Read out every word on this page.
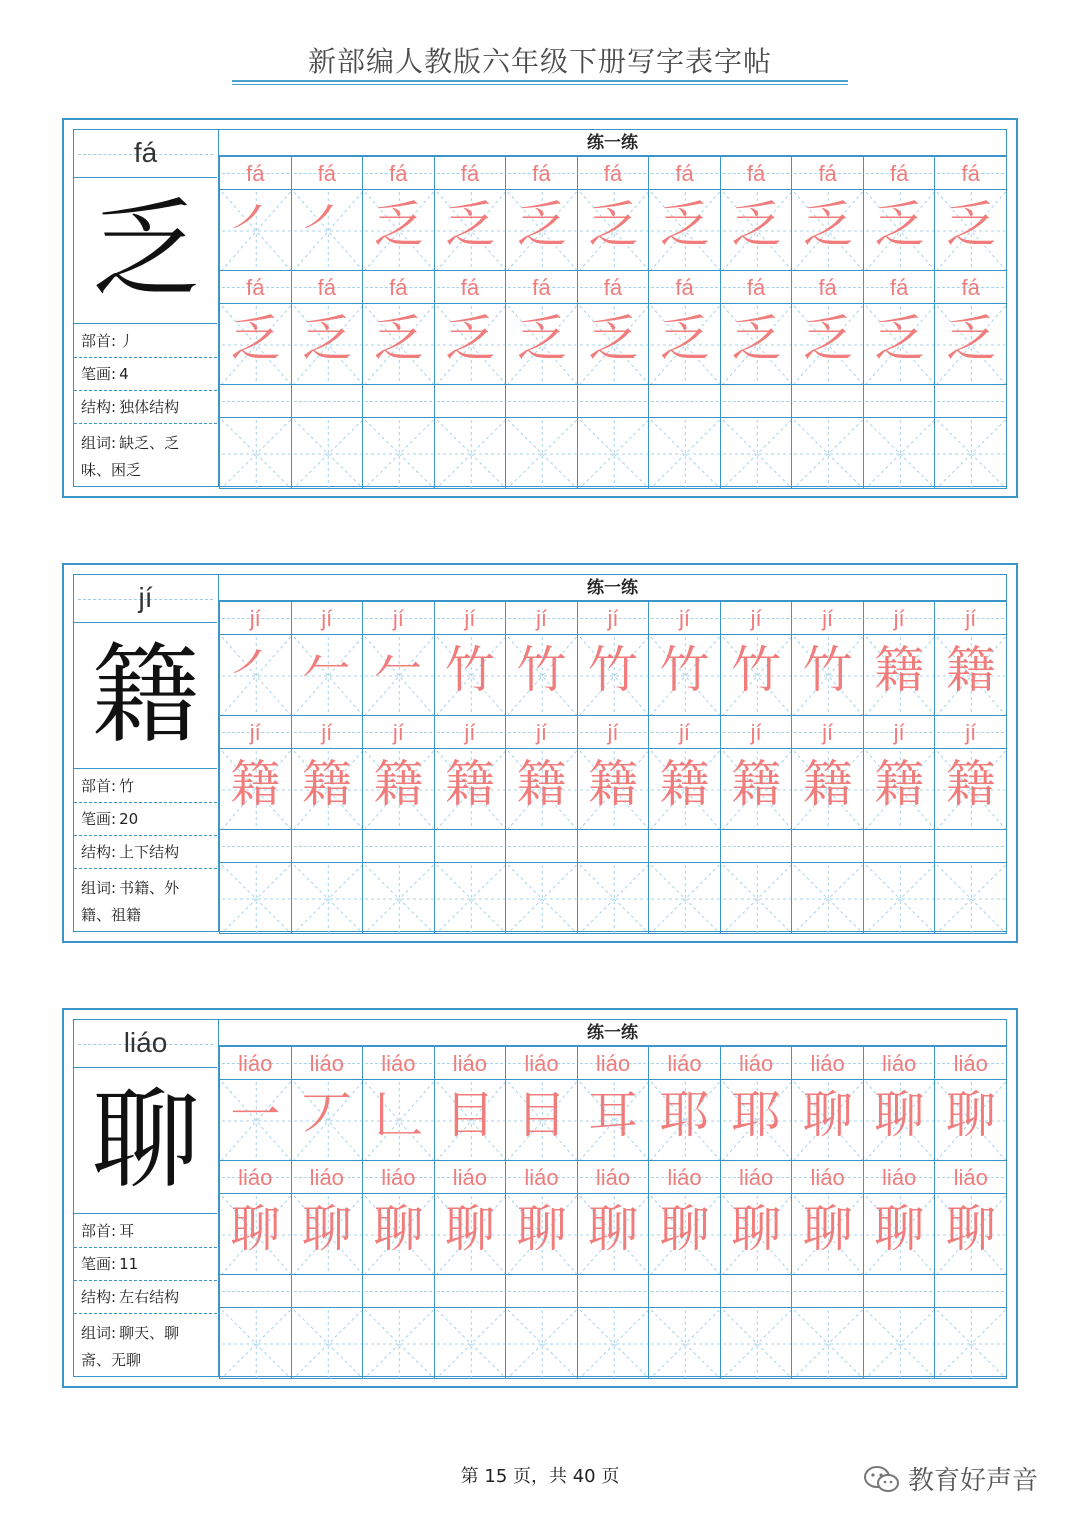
新部编人教版六年级下册写字表字帖
fá
乏
部首: 丿
笔画: 4
结构: 独体结构
组词: 缺乏、乏
味、困乏
练一练
fá	fá	fá	fá	fá	fá	fá	fá	fá	fá	fá
㇒ ㇒ 乏 乏 乏 乏 乏 乏 乏 乏 乏
fá	fá	fá	fá	fá	fá	fá	fá	fá	fá	fá
乏 乏 乏 乏 乏 乏 乏 乏 乏 乏 乏
jí
籍
部首: 竹
笔画: 20
结构: 上下结构
组词: 书籍、外
籍、祖籍
练一练
jí	jí	jí	jí	jí	jí	jí	jí	jí	jí	jí
㇒ 𠂉 𠂉 竹 竹 竹 竹 竹 竹 籍 籍
jí	jí	jí	jí	jí	jí	jí	jí	jí	jí	jí
籍 籍 籍 籍 籍 籍 籍 籍 籍 籍 籍
liáo
聊
部首: 耳
笔画: 11
结构: 左右结构
组词: 聊天、聊
斋、无聊
练一练
liáo	liáo	liáo	liáo	liáo	liáo	liáo	liáo	liáo	liáo	liáo
一 丆 𠃊 目 目 耳 耶 耶 聊 聊 聊
liáo	liáo	liáo	liáo	liáo	liáo	liáo	liáo	liáo	liáo	liáo
聊 聊 聊 聊 聊 聊 聊 聊 聊 聊 聊
第 15 页，共 40 页	教育好声音
